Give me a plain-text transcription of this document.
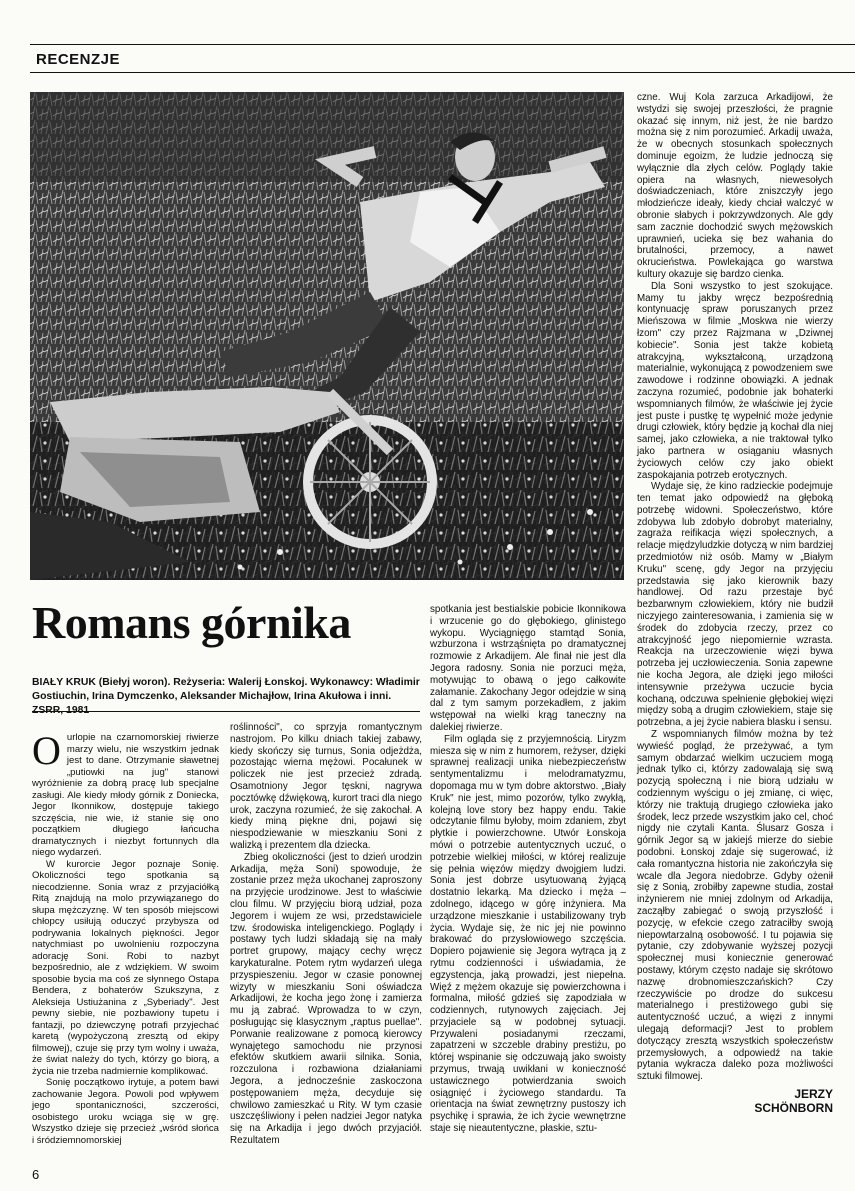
RECENZJE
Romans górnika
BIAŁY KRUK (Biełyj woron). Reżyseria: Walerij Łonskoj. Wykonawcy: Władimir Gostiuchin, Irina Dymczenko, Aleksander Michajłow, Irina Akułowa i inni. ZSRR, 1981
O urlopie na czarnomorskiej riwierze marzy wielu, nie wszystkim jednak jest to dane. Otrzymanie sławetnej „putiowki na jug" stanowi wyróżnienie za dobrą pracę lub specjalne zasługi. Ale kiedy młody górnik z Doniecka, Jegor Ikonnikow, dostępuje takiego szczęścia, nie wie, iż stanie się ono początkiem długiego łańcucha dramatycznych i niezbyt fortunnych dla niego wydarzeń.

W kurorcie Jegor poznaje Sonię. Okoliczności tego spotkania są niecodzienne. Sonia wraz z przyjaciółką Ritą znajdują na molo przywiązanego do słupa mężczyznę. W ten sposób miejscowi chłopcy usiłują oduczyć przybysza od podrywania lokalnych piękności. Jegor natychmiast po uwolnieniu rozpoczyna adorację Soni. Robi to nazbyt bezpośrednio, ale z wdziękiem. W swoim sposobie bycia ma coś ze słynnego Ostapa Bendera, z bohaterów Szukszyna, z Aleksieja Ustiużanina z „Syberiady". Jest pewny siebie, nie pozbawiony tupetu i fantazji, po dziewczynę potrafi przyjechać karetą (wypożyczoną zresztą od ekipy filmowej), czuje się przy tym wolny i uważa, że świat należy do tych, którzy go biorą, a życia nie trzeba nadmiernie komplikować.

Sonię początkowo irytuje, a potem bawi zachowanie Jegora. Powoli pod wpływem jego spontaniczności, szczerości, osobistego uroku wciąga się w grę. Wszystko dzieje się przecież „wśród słońca i śródziemnomorskiej

roślinności", co sprzyja romantycznym nastrojom. Po kilku dniach takiej zabawy, kiedy skończy się turnus, Sonia odjeżdża, pozostając wierna mężowi. Pocałunek w policzek nie jest przecież zdradą. Osamotniony Jegor tęskni, nagrywa pocztówkę dźwiękową, kurort traci dla niego urok, zaczyna rozumieć, że się zakochał. A kiedy miną piękne dni, pojawi się niespodziewanie w mieszkaniu Soni z walizką i prezentem dla dziecka.

Zbieg okoliczności (jest to dzień urodzin Arkadija, męża Soni) spowoduje, że zostanie przez męża ukochanej zaproszony na przyjęcie urodzinowe. Jest to właściwie clou filmu. W przyjęciu biorą udział, poza Jegorem i wujem ze wsi, przedstawiciele tzw. środowiska inteligenckiego. Poglądy i postawy tych ludzi składają się na mały portret grupowy, mający cechy wręcz karykaturalne. Potem rytm wydarzeń ulega przyspieszeniu. Jegor w czasie ponownej wizyty w mieszkaniu Soni oświadcza Arkadijowi, że kocha jego żonę i zamierza mu ją zabrać. Wprowadza to w czyn, posługując się klasycznym „raptus puellae". Porwanie realizowane z pomocą kierowcy wynajętego samochodu nie przynosi efektów skutkiem awarii silnika. Sonia, rozczulona i rozbawiona działaniami Jegora, a jednocześnie zaskoczona postępowaniem męża, decyduje się chwilowo zamieszkać u Rity. W tym czasie uszczęśliwiony i pełen nadziei Jegor natyka się na Arkadija i jego dwóch przyjaciół. Rezultatem

spotkania jest bestialskie pobicie Ikonnikowa i wrzucenie go do głębokiego, glinistego wykopu. Wyciągnięgo stamtąd Sonia, wzburzona i wstrząśnięta po dramatycznej rozmowie z Arkadijem. Ale finał nie jest dla Jegora radosny. Sonia nie porzuci męża, motywując to obawą o jego całkowite załamanie. Zakochany Jegor odejdzie w siną dal z tym samym porzekadłem, z jakim wstępował na wielki krąg taneczny na dalekiej riwierze.

Film ogląda się z przyjemnością. Liryzm miesza się w nim z humorem, reżyser, dzięki sprawnej realizacji unika niebezpieczeństw sentymentalizmu i melodramatyzmu, dopomaga mu w tym dobre aktorstwo. „Biały Kruk" nie jest, mimo pozorów, tylko zwykłą, kolejną love story bez happy endu. Takie odczytanie filmu byłoby, moim zdaniem, zbyt płytkie i powierzchowne. Utwór Łonskoja mówi o potrzebie autentycznych uczuć, o potrzebie wielkiej miłości, w której realizuje się pełnia więzów między dwojgiem ludzi. Sonia jest dobrze usytuowaną żyjącą dostatnio lekarką. Ma dziecko i męża – zdolnego, idącego w górę inżyniera. Ma urządzone mieszkanie i ustabilizowany tryb życia. Wydaje się, że nic jej nie powinno brakować do przysłowiowego szczęścia. Dopiero pojawienie się Jegora wytrąca ją z rytmu codzienności i uświadamia, że egzystencja, jaką prowadzi, jest niepełna. Więź z mężem okazuje się powierzchowna i formalna, miłość gdzieś się zapodziała w codziennych, rutynowych zajęciach. Jej przyjaciele są w podobnej sytuacji. Przywaleni posiadanymi rzeczami, zapatrzeni w szczeble drabiny prestiżu, po której wspinanie się odczuwają jako swoisty przymus, trwają uwikłani w konieczność ustawicznego potwierdzania swoich osiągnięć i życiowego standardu. Ta orientacja na świat zewnętrzny pustoszy ich psychikę i sprawia, że ich życie wewnętrzne staje się nieautentyczne, płaskie, sztu-

czne. Wuj Kola zarzuca Arkadijowi, że wstydzi się swojej przeszłości, że pragnie okazać się innym, niż jest, że nie bardzo można się z nim porozumieć. Arkadij uważa, że w obecnych stosunkach społecznych dominuje egoizm, że ludzie jednoczą się wyłącznie dla złych celów. Poglądy takie opiera na własnych, niewesołych doświadczeniach, które zniszczyły jego młodzieńcze ideały, kiedy chciał walczyć w obronie słabych i pokrzywdzonych. Ale gdy sam zacznie dochodzić swych mężowskich uprawnień, ucieka się bez wahania do brutalności, przemocy, a nawet okrucieństwa. Powlekająca go warstwa kultury okazuje się bardzo cienka.

Dla Soni wszystko to jest szokujące. Mamy tu jakby wręcz bezpośrednią kontynuację spraw poruszanych przez Mieńszowa w filmie „Moskwa nie wierzy łzom" czy przez Rajzmana w „Dziwnej kobiecie". Sonia jest także kobietą atrakcyjną, wykształconą, urządzoną materialnie, wykonującą z powodzeniem swe zawodowe i rodzinne obowiązki. A jednak zaczyna rozumieć, podobnie jak bohaterki wspomnianych filmów, że właściwie jej życie jest puste i pustkę tę wypełnić może jedynie drugi człowiek, który będzie ją kochał dla niej samej, jako człowieka, a nie traktował tylko jako partnera w osiąganiu własnych życiowych celów czy jako obiekt zaspokajania potrzeb erotycznych.

Wydaje się, że kino radzieckie podejmuje ten temat jako odpowiedź na głęboką potrzebę widowni. Społeczeństwo, które zdobywa lub zdobyło dobrobyt materialny, zagraża reifikacja więzi społecznych, a relacje międzyludzkie dotyczą w nim bardziej przedmiotów niż osób. Mamy w „Białym Kruku" scenę, gdy Jegor na przyjęciu przedstawia się jako kierownik bazy handlowej. Od razu przestaje być bezbarwnym człowiekiem, który nie budził niczyjego zainteresowania, i zamienia się w środek do zdobycia rzeczy, przez co atrakcyjność jego niepomiernie wzrasta. Reakcja na urzeczowienie więzi bywa potrzeba jej uczłowieczenia. Sonia zapewne nie kocha Jegora, ale dzięki jego miłości intensywnie przeżywa uczucie bycia kochaną, odczuwa spełnienie głębokiej więzi między sobą a drugim człowiekiem, staje się potrzebna, a jej życie nabiera blasku i sensu.

Z wspomnianych filmów można by też wywieść pogląd, że przeżywać, a tym samym obdarzać wielkim uczuciem mogą jednak tylko ci, którzy zadowalają się swą pozycją społeczną i nie biorą udziału w codziennym wyścigu o jej zmianę, ci więc, którzy nie traktują drugiego człowieka jako środek, lecz przede wszystkim jako cel, choć nigdy nie czytali Kanta. Ślusarz Gosza i górnik Jegor są w jakiejś mierze do siebie podobni. Łonskoj zdaje się sugerować, iż cała romantyczna historia nie zakończyła się wcale dla Jegora niedobrze. Gdyby ożenił się z Sonią, zrobiłby zapewne studia, został inżynierem nie mniej zdolnym od Arkadija, zacząłby zabiegać o swoją przyszłość i pozycję, w efekcie czego zatraciłby swoją niepowtarzalną osobowość. I tu pojawia się pytanie, czy zdobywanie wyższej pozycji społecznej musi koniecznie generować postawy, którym często nadaje się skrótowo nazwę drobnomieszczańskich? Czy rzeczywiście po drodze do sukcesu materialnego i prestiżowego gubi się autentyczność uczuć, a więzi z innymi ulegają deformacji? Jest to problem dotyczący zresztą wszystkich społeczeństw przemysłowych, a odpowiedź na takie pytania wykracza daleko poza możliwości sztuki filmowej.

JERZY
SCHÖNBORN
6
